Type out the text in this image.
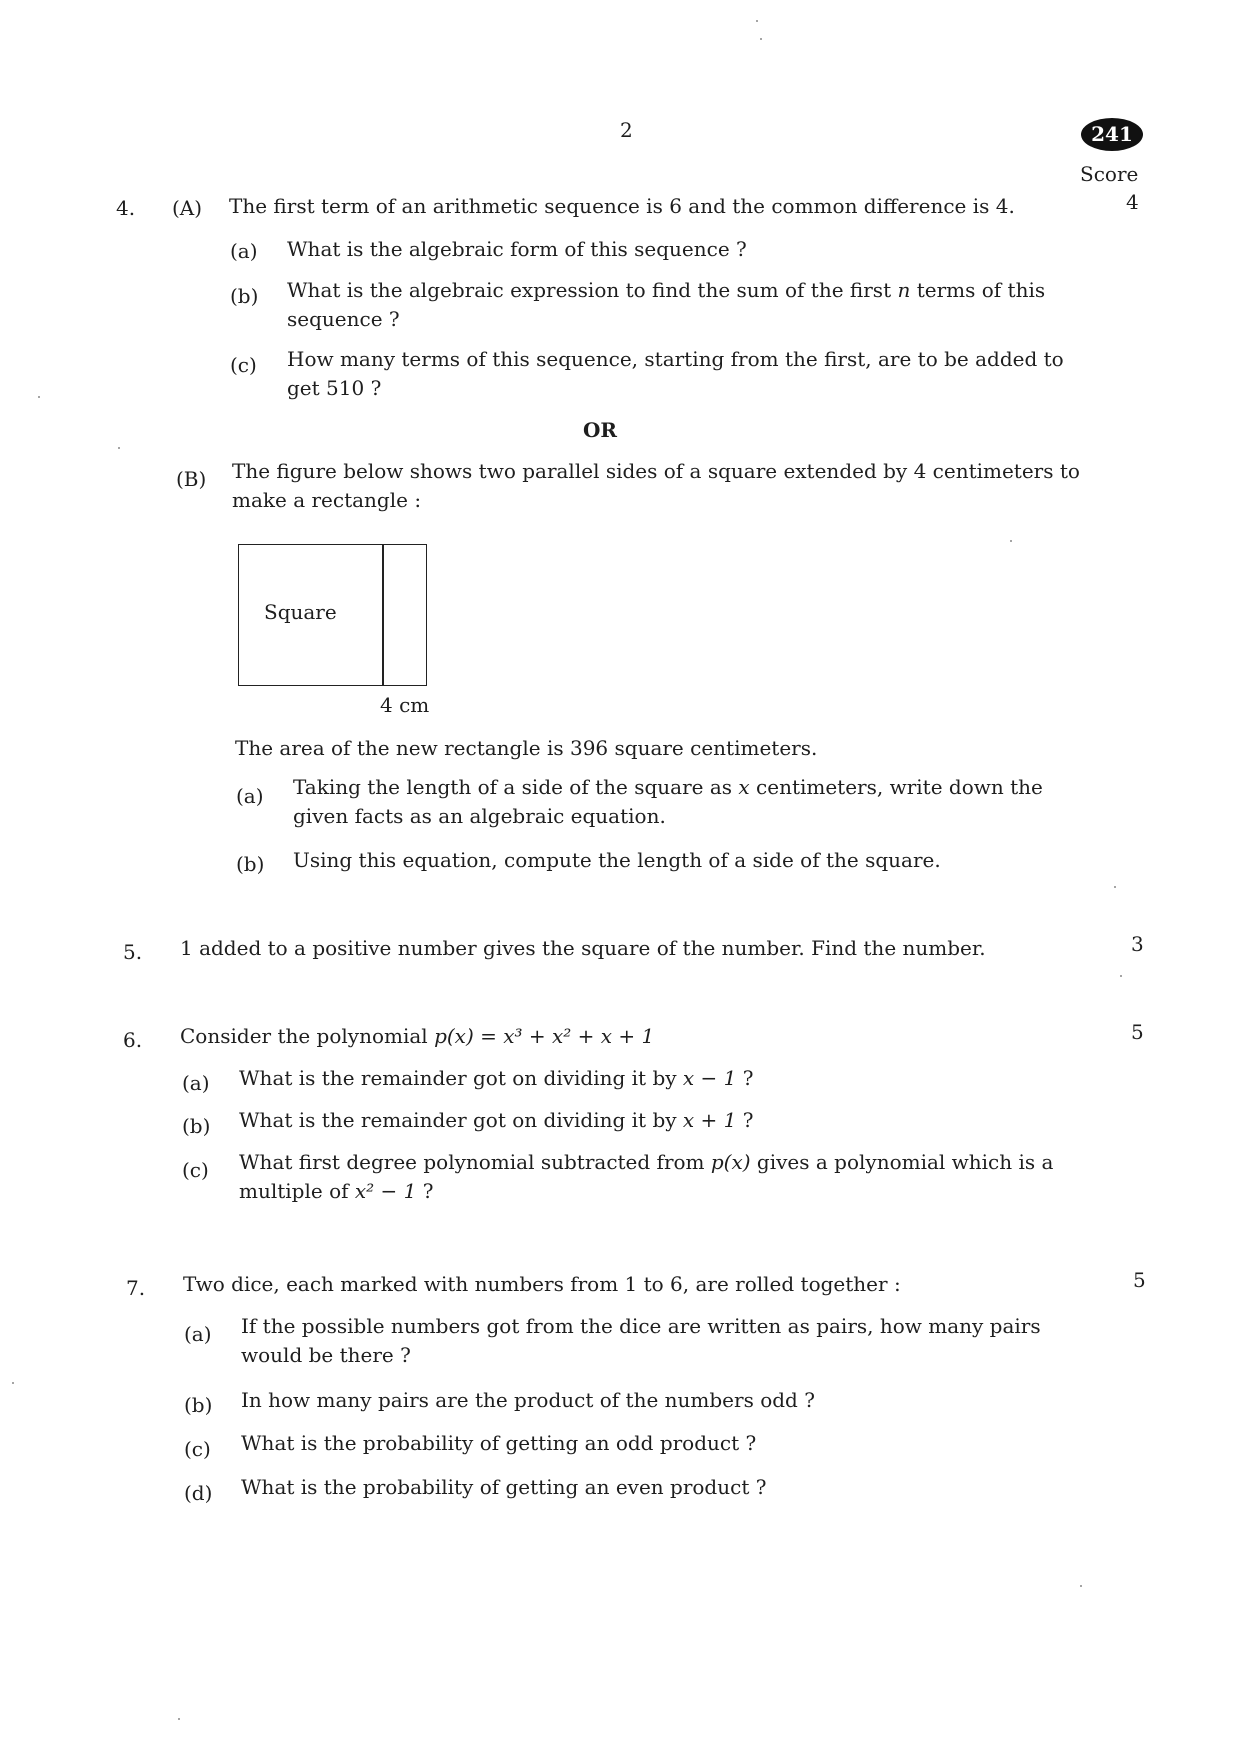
2	241
Score
4.	4
(A) The first term of an arithmetic sequence is 6 and the common difference is 4.
(a) What is the algebraic form of this sequence ?
(b) What is the algebraic expression to find the sum of the first n terms of this sequence ?
(c) How many terms of this sequence, starting from the first, are to be added to get 510 ?
OR
(B) The figure below shows two parallel sides of a square extended by 4 centimeters to make a rectangle :
Square
4 cm
The area of the new rectangle is 396 square centimeters.
(a) Taking the length of a side of the square as x centimeters, write down the given facts as an algebraic equation.
(b) Using this equation, compute the length of a side of the square.
5. 1 added to a positive number gives the square of the number. Find the number.	3
6. Consider the polynomial p(x) = x³ + x² + x + 1	5
(a) What is the remainder got on dividing it by x − 1 ?
(b) What is the remainder got on dividing it by x + 1 ?
(c) What first degree polynomial subtracted from p(x) gives a polynomial which is a multiple of x² − 1 ?
7. Two dice, each marked with numbers from 1 to 6, are rolled together :	5
(a) If the possible numbers got from the dice are written as pairs, how many pairs would be there ?
(b) In how many pairs are the product of the numbers odd ?
(c) What is the probability of getting an odd product ?
(d) What is the probability of getting an even product ?
